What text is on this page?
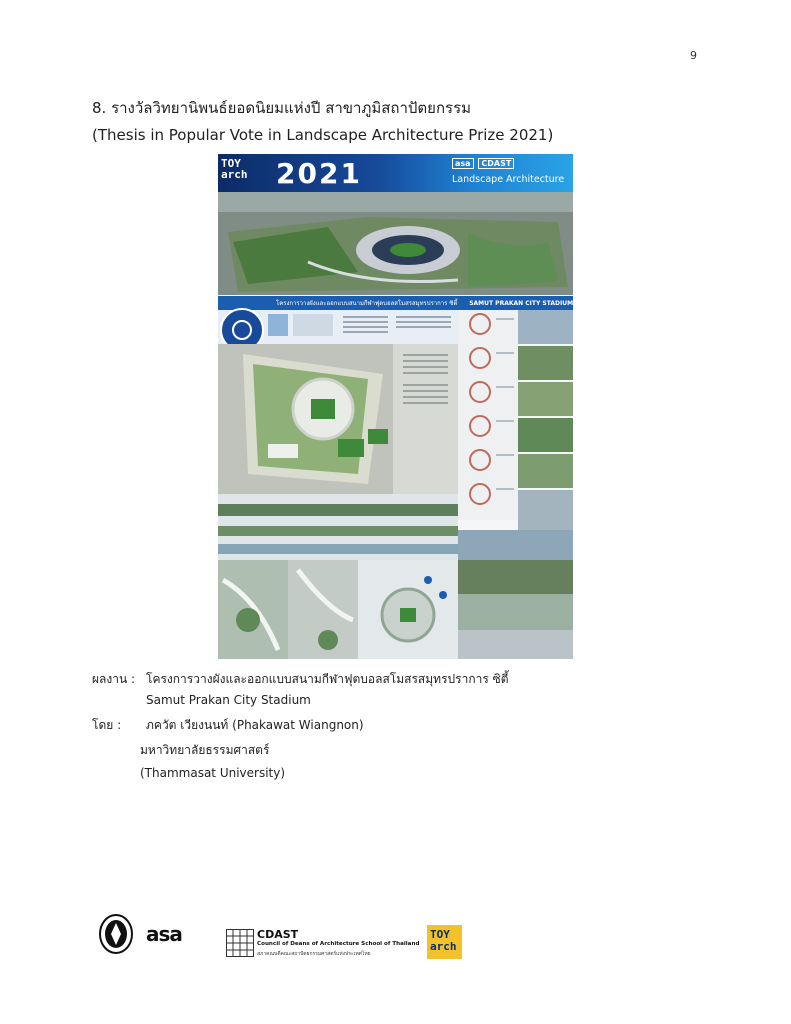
9
8. รางวัลวิทยานิพนธ์ยอดนิยมแห่งปี สาขาภูมิสถาปัตยกรรม
(Thesis in Popular Vote in Landscape Architecture Prize 2021)
TOY
arch 2021	asa CDAST
Landscape Architecture
โครงการวางผังและออกแบบสนามกีฬาฟุตบอลสโมสรสมุทรปราการ ซิตี้ SAMUT PRAKAN CITY STADIUM
ผลงาน : โครงการวางผังและออกแบบสนามกีฬาฟุตบอลสโมสรสมุทรปราการ ซิตี้
Samut Prakan City Stadium
โดย : ภควัต เวียงนนท์ (Phakawat Wiangnon)
มหาวิทยาลัยธรรมศาสตร์
(Thammasat University)
asa	CDAST
Council of Deans of Architecture School of Thailand
สภาคณบดีคณะสถาปัตยกรรมศาสตร์แห่งประเทศไทย
TOY
arch
